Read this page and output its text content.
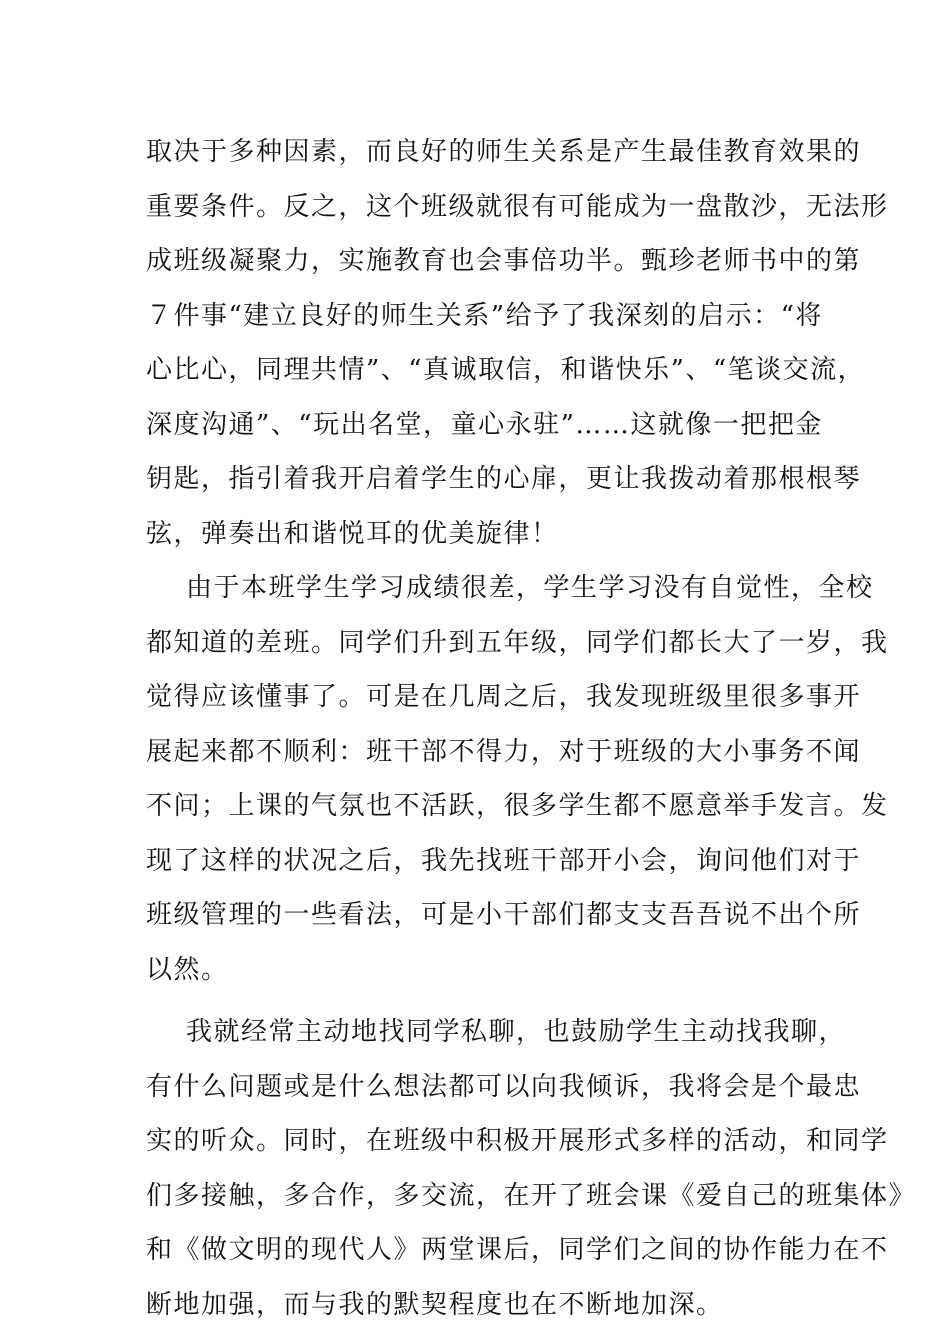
取决于多种因素，而良好的师生关系是产生最佳教育效果的
重要条件。反之，这个班级就很有可能成为一盘散沙，无法形
成班级凝聚力，实施教育也会事倍功半。甄珍老师书中的第
７件事“建立良好的师生关系”给予了我深刻的启示：“将
心比心，同理共情”、“真诚取信，和谐快乐”、“笔谈交流，
深度沟通”、“玩出名堂，童心永驻”……这就像一把把金
钥匙，指引着我开启着学生的心扉，更让我拨动着那根根琴
弦，弹奏出和谐悦耳的优美旋律！
由于本班学生学习成绩很差，学生学习没有自觉性，全校
都知道的差班。同学们升到五年级，同学们都长大了一岁，我
觉得应该懂事了。可是在几周之后，我发现班级里很多事开
展起来都不顺利：班干部不得力，对于班级的大小事务不闻
不问；上课的气氛也不活跃，很多学生都不愿意举手发言。发
现了这样的状况之后，我先找班干部开小会，询问他们对于
班级管理的一些看法，可是小干部们都支支吾吾说不出个所
以然。
我就经常主动地找同学私聊，也鼓励学生主动找我聊，
有什么问题或是什么想法都可以向我倾诉，我将会是个最忠
实的听众。同时，在班级中积极开展形式多样的活动，和同学
们多接触，多合作，多交流，在开了班会课《爱自己的班集体》
和《做文明的现代人》两堂课后，同学们之间的协作能力在不
断地加强，而与我的默契程度也在不断地加深。
